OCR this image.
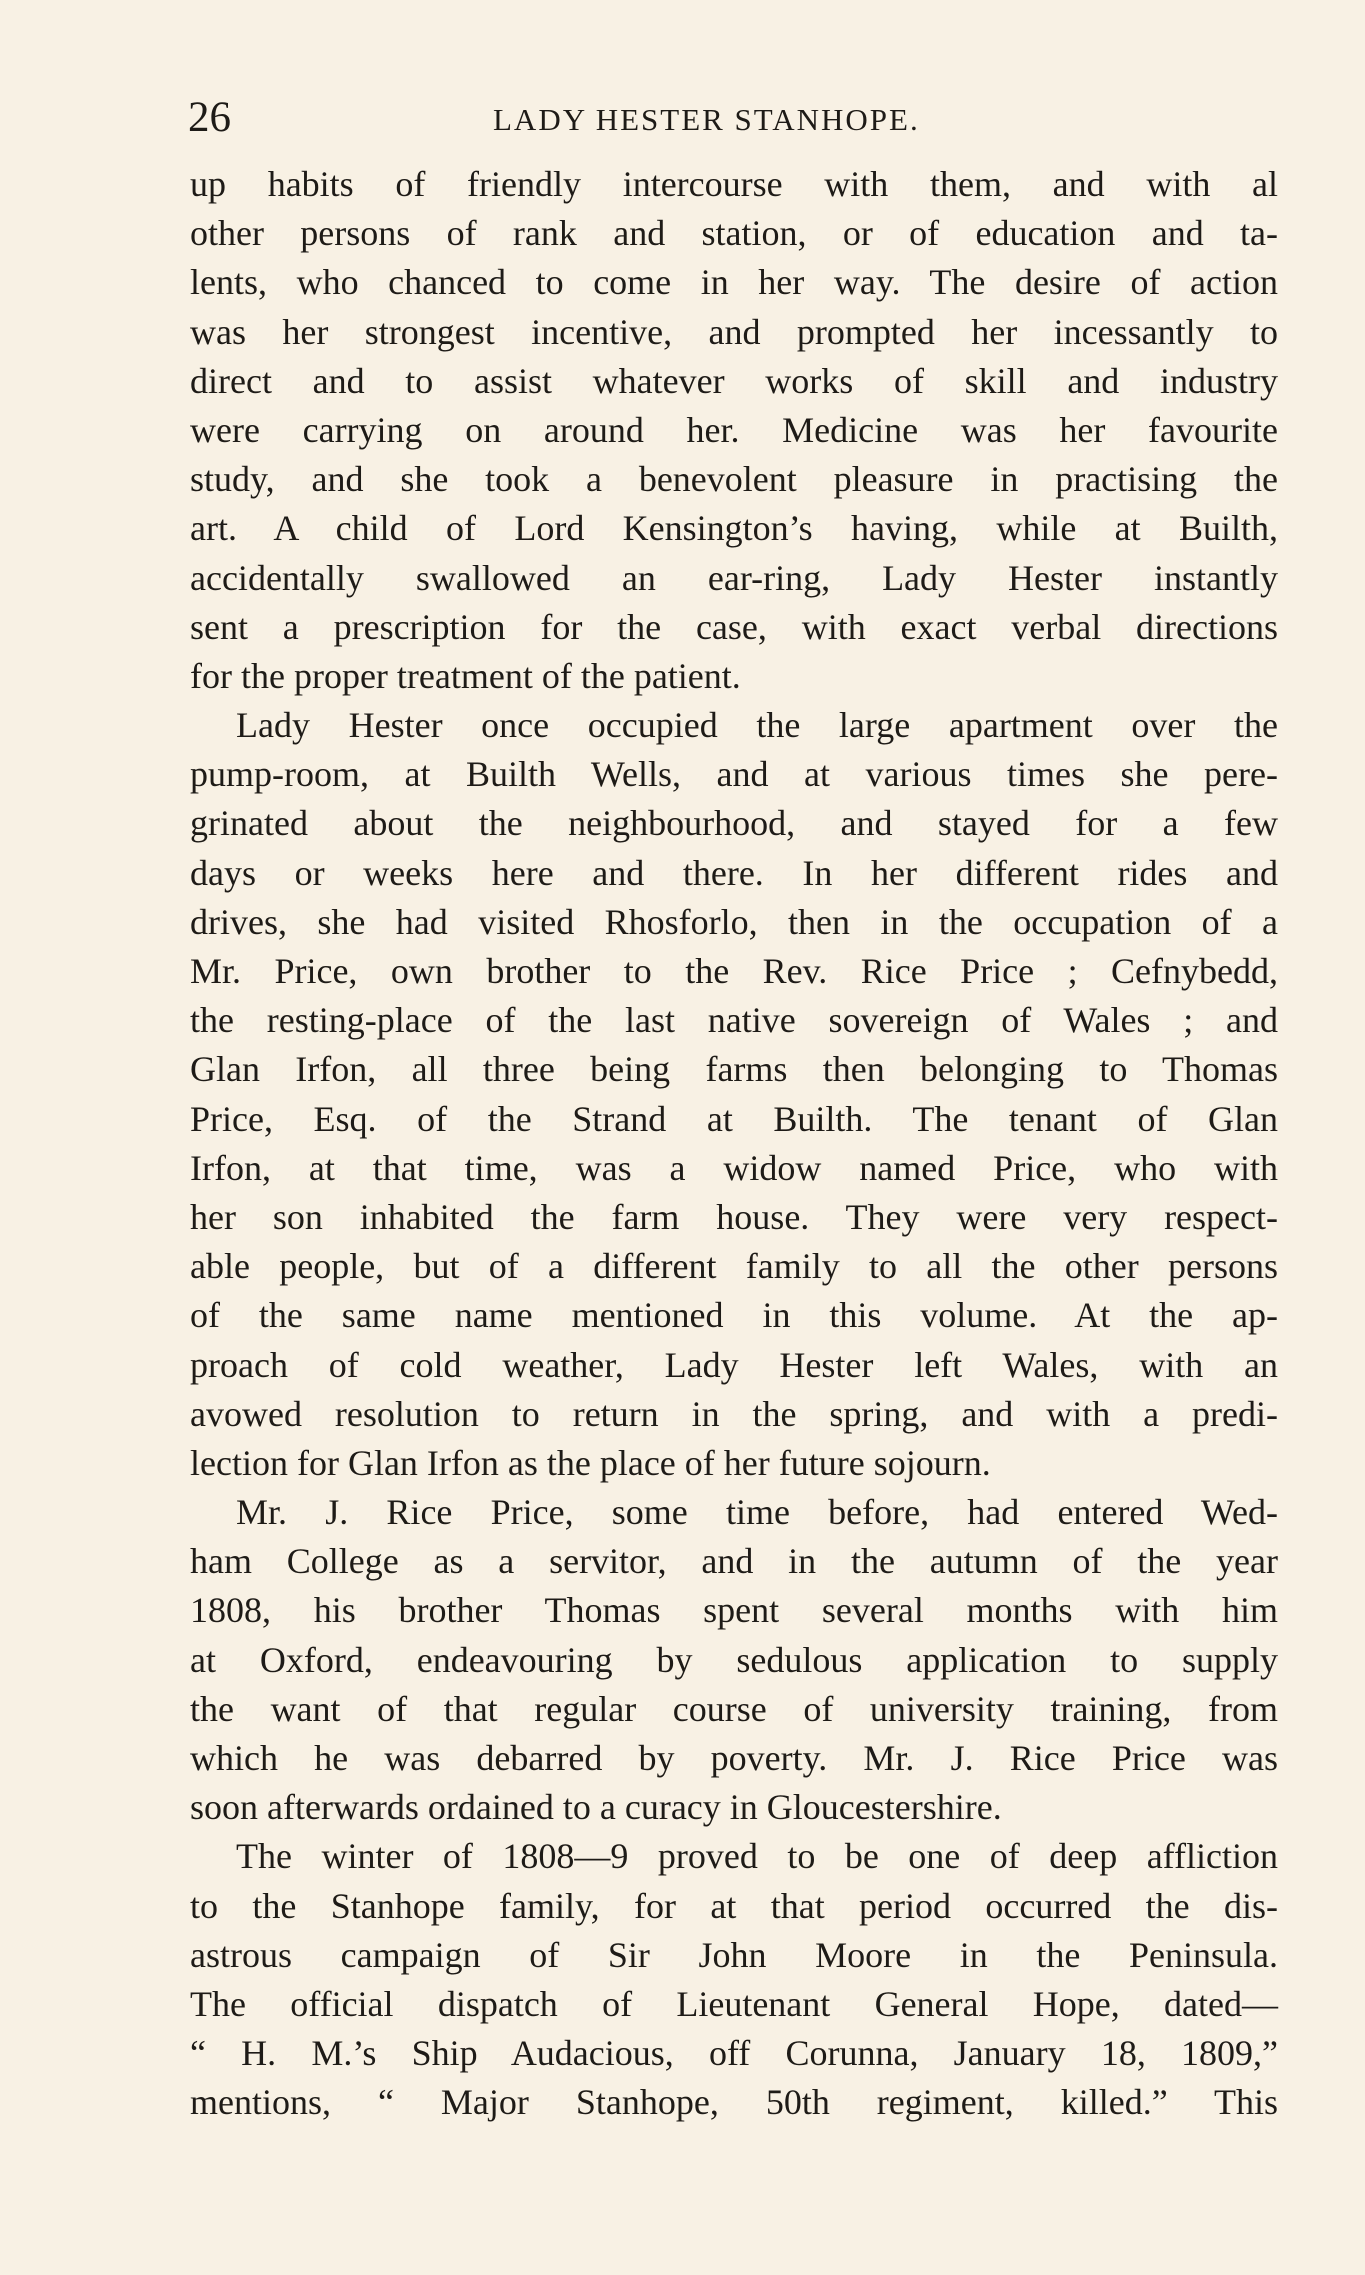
26	LADY HESTER STANHOPE.
up habits of friendly intercourse with them, and with al
other persons of rank and station, or of education and ta-
lents, who chanced to come in her way. The desire of action
was her strongest incentive, and prompted her incessantly to
direct and to assist whatever works of skill and industry
were carrying on around her. Medicine was her favourite
study, and she took a benevolent pleasure in practising the
art. A child of Lord Kensington’s having, while at Builth,
accidentally swallowed an ear-ring, Lady Hester instantly
sent a prescription for the case, with exact verbal directions
for the proper treatment of the patient.
Lady Hester once occupied the large apartment over the
pump-room, at Builth Wells, and at various times she pere-
grinated about the neighbourhood, and stayed for a few
days or weeks here and there. In her different rides and
drives, she had visited Rhosforlo, then in the occupation of a
Mr. Price, own brother to the Rev. Rice Price ; Cefnybedd,
the resting-place of the last native sovereign of Wales ; and
Glan Irfon, all three being farms then belonging to Thomas
Price, Esq. of the Strand at Builth. The tenant of Glan
Irfon, at that time, was a widow named Price, who with
her son inhabited the farm house. They were very respect-
able people, but of a different family to all the other persons
of the same name mentioned in this volume. At the ap-
proach of cold weather, Lady Hester left Wales, with an
avowed resolution to return in the spring, and with a predi-
lection for Glan Irfon as the place of her future sojourn.
Mr. J. Rice Price, some time before, had entered Wed-
ham College as a servitor, and in the autumn of the year
1808, his brother Thomas spent several months with him
at Oxford, endeavouring by sedulous application to supply
the want of that regular course of university training, from
which he was debarred by poverty. Mr. J. Rice Price was
soon afterwards ordained to a curacy in Gloucestershire.
The winter of 1808—9 proved to be one of deep affliction
to the Stanhope family, for at that period occurred the dis-
astrous campaign of Sir John Moore in the Peninsula.
The official dispatch of Lieutenant General Hope, dated—
“ H. M.’s Ship Audacious, off Corunna, January 18, 1809,”
mentions, “ Major Stanhope, 50th regiment, killed.” This
